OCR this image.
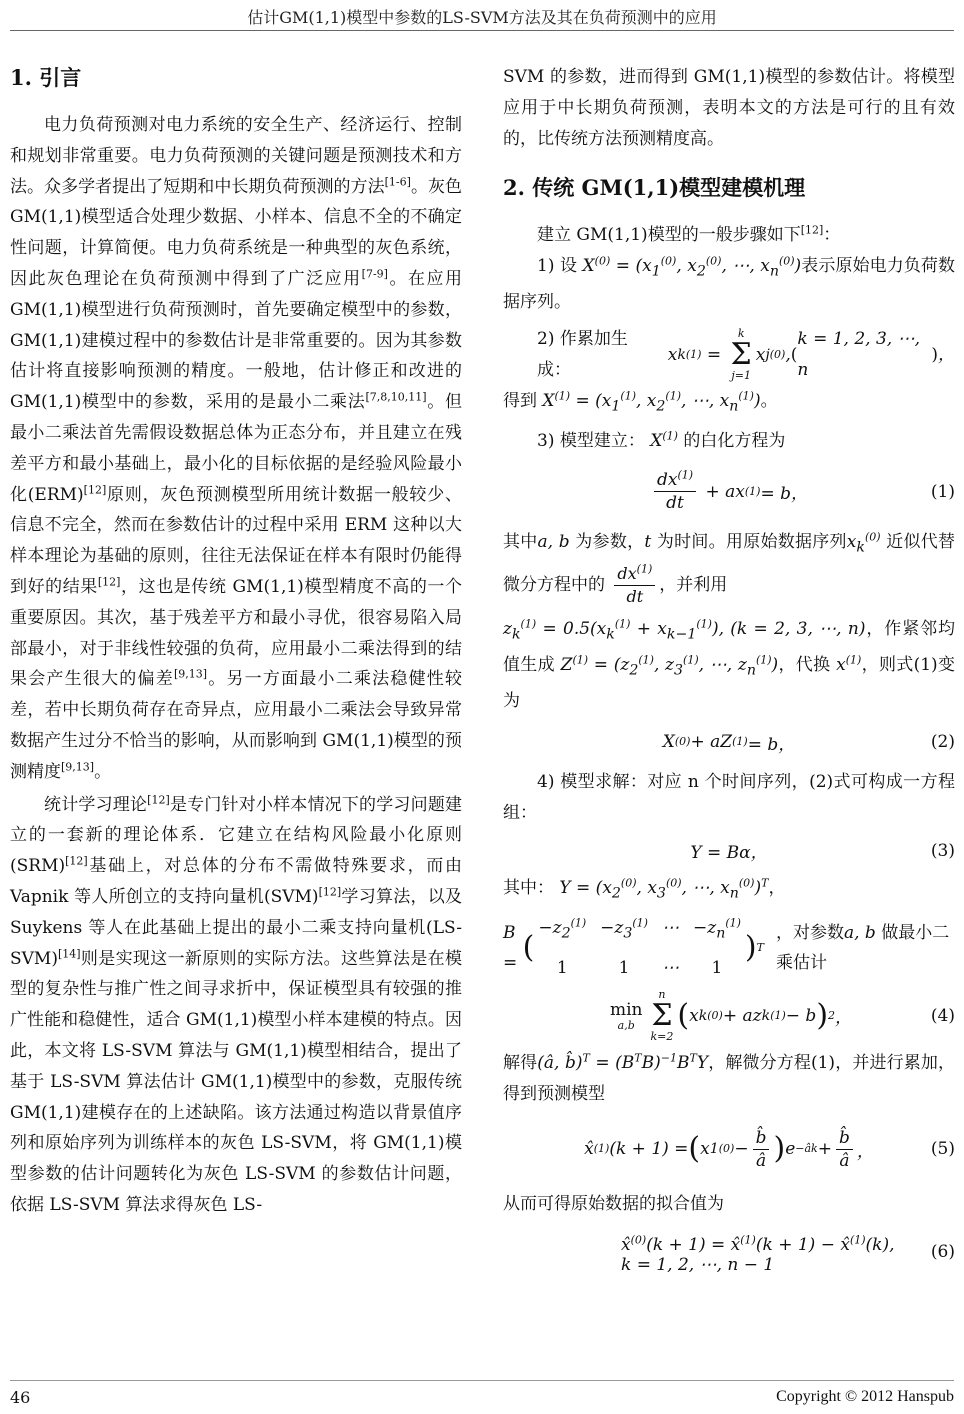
估计GM(1,1)模型中参数的LS-SVM方法及其在负荷预测中的应用
1. 引言

电力负荷预测对电力系统的安全生产、经济运行、控制和规划非常重要。电力负荷预测的关键问题是预测技术和方法。众多学者提出了短期和中长期负荷预测的方法[1-6]。灰色 GM(1,1)模型适合处理少数据、小样本、信息不全的不确定性问题，计算简便。电力负荷系统是一种典型的灰色系统，因此灰色理论在负荷预测中得到了广泛应用[7-9]。在应用 GM(1,1)模型进行负荷预测时，首先要确定模型中的参数，GM(1,1)建模过程中的参数估计是非常重要的。因为其参数估计将直接影响预测的精度。一般地，估计修正和改进的 GM(1,1)模型中的参数，采用的是最小二乘法[7,8,10,11]。但最小二乘法首先需假设数据总体为正态分布，并且建立在残差平方和最小基础上，最小化的目标依据的是经验风险最小化(ERM)[12]原则，灰色预测模型所用统计数据一般较少、信息不完全，然而在参数估计的过程中采用 ERM 这种以大样本理论为基础的原则，往往无法保证在样本有限时仍能得到好的结果[12]，这也是传统 GM(1,1)模型精度不高的一个重要原因。其次，基于残差平方和最小寻优，很容易陷入局部最小，对于非线性较强的负荷，应用最小二乘法得到的结果会产生很大的偏差[9,13]。另一方面最小二乘法稳健性较差，若中长期负荷存在奇异点，应用最小二乘法会导致异常数据产生过分不恰当的影响，从而影响到 GM(1,1)模型的预测精度[9,13]。

统计学习理论[12]是专门针对小样本情况下的学习问题建立的一套新的理论体系．它建立在结构风险最小化原则(SRM)[12]基础上，对总体的分布不需做特殊要求，而由 Vapnik 等人所创立的支持向量机(SVM)[12]学习算法，以及 Suykens 等人在此基础上提出的最小二乘支持向量机(LS-SVM)[14]则是实现这一新原则的实际方法。这些算法是在模型的复杂性与推广性之间寻求折中，保证模型具有较强的推广性能和稳健性，适合 GM(1,1)模型小样本建模的特点。因此，本文将 LS-SVM 算法与 GM(1,1)模型相结合，提出了基于 LS-SVM 算法估计 GM(1,1)模型中的参数，克服传统 GM(1,1)建模存在的上述缺陷。该方法通过构造以背景值序列和原始序列为训练样本的灰色 LS-SVM，将 GM(1,1)模型参数的估计问题转化为灰色 LS-SVM 的参数估计问题，依据 LS-SVM 算法求得灰色 LS-

SVM 的参数，进而得到 GM(1,1)模型的参数估计。将模型应用于中长期负荷预测，表明本文的方法是可行的且有效的，比传统方法预测精度高。

2. 传统 GM(1,1)模型建模机理

建立 GM(1,1)模型的一般步骤如下[12]：

1) 设 $X^{(0)} = (x_1^{(0)}$, $x_2^{(0)}$, ⋯, $x_n^{(0)}$)表示原始电力负荷数据序列。

2) 作累加生成：
x k (1) =
k
Σ
j=1
x j (0) , (
k = 1, 2, 3, ⋯, n
) ，

得到 $X^{(1)} = (x_1^{(1)}$, $x_2^{(1)}$, ⋯, $x_n^{(1)}$)。

3) 模型建立： $X^{(1)}$ 的白化方程为

$\frac{dx^{(1)}}{dt}$ + ax (1) = b，	(1)

其中a, b 为参数，t 为时间。用原始数据序列$x_k^{(0)}$ 近似代替微分方程中的 $\frac{dx^{(1)}}{dt}$ ，并利用

$z_k^{(1)} = 0.5(x_k^{(1)} + x_{k-1}^{(1)})$, (k = 2, 3, ⋯, n)，作紧邻均值生成 $Z^{(1)} = (z_2^{(1)}$, $z_3^{(1)}$, ⋯, $z_n^{(1)}$)，代换 $x^{(1)}$，则式(1)变为

X (0) + aZ (1) = b，	(2)

4) 模型求解：对应 n 个时间序列，(2)式可构成一方程组：

Y = Bα，	(3)

其中： $Y = (x_2^{(0)}$, $x_3^{(0)}$, ⋯, $x_n^{(0)})^T$，

B = (
$-z_2^{(1)} -z_3^{(1)}$ ⋯ $-z_n^{(1)}$
1	1	⋯	1
) T
，对参数a, b 做最小二乘估计
min
a,b
n
Σ
k=2
( x k (0) + az k (1) − b ) 2 ，	(4)

解得(â, b̂)$^T$ = $(B^TB)^{-1}B^TY$，解微分方程(1)，并进行累加，得到预测模型

x̂ (1) (k + 1) = ( x 1 $(0) - \frac{b̂}{â}$ ) e −âk + $\frac{b̂}{â}$ ，	(5)

从而可得原始数据的拟合值为

x̂$^{(0)}$(k + 1) = x̂$^{(1)}$(k + 1) − x̂$^{(1)}$(k),
k = 1, 2, ⋯, n − 1
(6)
46	Copyright © 2012 Hanspub
